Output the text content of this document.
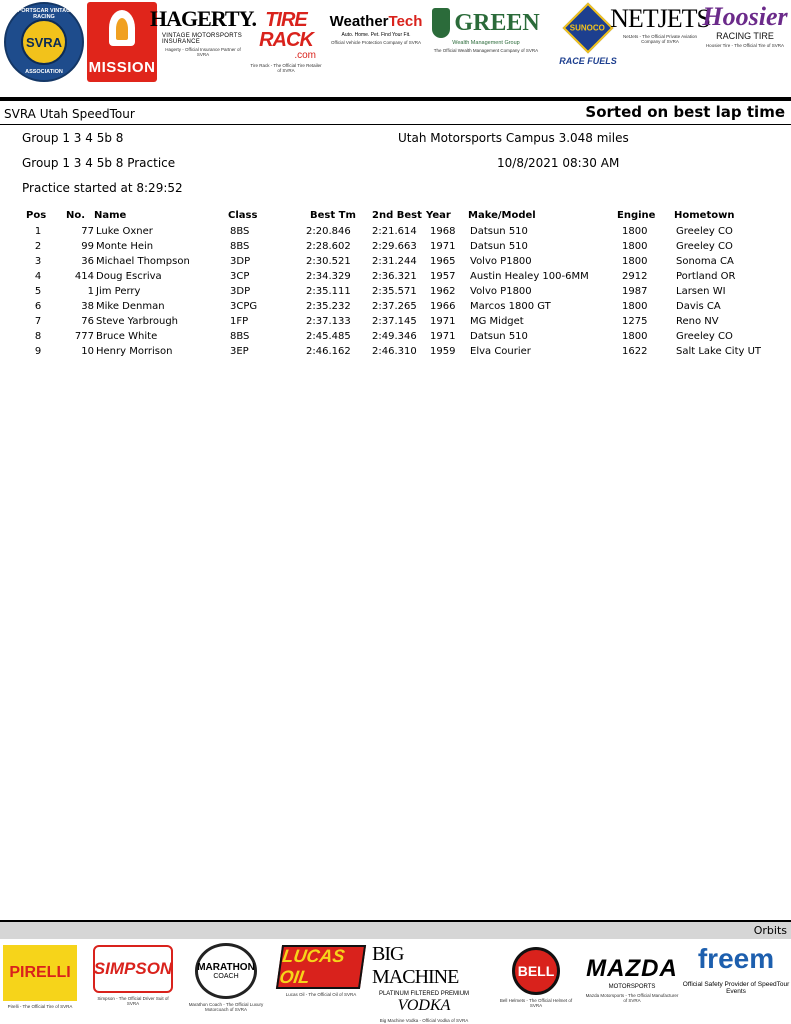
SPORTSCAR VINTAGE RACING
SVRA
ASSOCIATION	MISSION
HAGERTY.
VINTAGE MOTORSPORTS INSURANCE
Hagerty - Official Insurance Partner of SVRA
TIRE RACK
.com
Tire Rack - The Official Tire Retailer of SVRA
WeatherTech
Auto. Home. Pet. Find Your Fit.
Official Vehicle Protection Company of SVRA
GREEN
Wealth Management Group
The Official Wealth Management Company of SVRA
SUNOCO
RACE FUELS
NETJETS
NetJets - The Official Private Aviation Company of SVRA
Hoosier
RACING TIRE
Hoosier Tire - The Official Tire of SVRA
SVRA Utah SpeedTour	Sorted on best lap time
Group 1 3 4 5b 8	Utah Motorsports Campus 3.048 miles
Group 1 3 4 5b 8 Practice	10/8/2021 08:30 AM
Practice started at 8:29:52
Pos	No. Name	Class	Best Tm 2nd Best Year Make/Model	Engine Hometown
1	77 Luke Oxner	8BS	2:20.846 2:21.614 1968 Datsun 510	1800	Greeley CO
2	99 Monte Hein	8BS	2:28.602 2:29.663 1971 Datsun 510	1800	Greeley CO
3	36 Michael Thompson	3DP	2:30.521 2:31.244 1965 Volvo P1800	1800	Sonoma CA
4	414 Doug Escriva	3CP	2:34.329 2:36.321 1957 Austin Healey 100-6MM	2912	Portland OR
5	1 Jim Perry	3DP	2:35.111 2:35.571 1962 Volvo P1800	1987	Larsen WI
6	38 Mike Denman	3CPG	2:35.232 2:37.265 1966 Marcos 1800 GT	1800	Davis CA
7	76 Steve Yarbrough	1FP	2:37.133 2:37.145 1971 MG Midget	1275	Reno NV
8	777 Bruce White	8BS	2:45.485 2:49.346 1971 Datsun 510	1800	Greeley CO
9	10 Henry Morrison	3EP	2:46.162 2:46.310 1959 Elva Courier	1622	Salt Lake City UT
Orbits
PIRELLI
Pirelli - The Official Tire of SVRA
SIMPSON
Simpson - The Official Driver Suit of SVRA
MARATHON
COACH
Marathon Coach - The Official Luxury Motorcoach of SVRA
LUCAS OIL
Lucas Oil - The Official Oil of SVRA
BIG MACHINE
PLATINUM FILTERED PREMIUM
VODKA
Big Machine Vodka - Official Vodka of SVRA
BELL
Bell Helmets - The Official Helmet of SVRA
MAZDA
MOTORSPORTS
Mazda Motorsports - The Official Manufacturer of SVRA
freem
Official Safety Provider of SpeedTour Events
